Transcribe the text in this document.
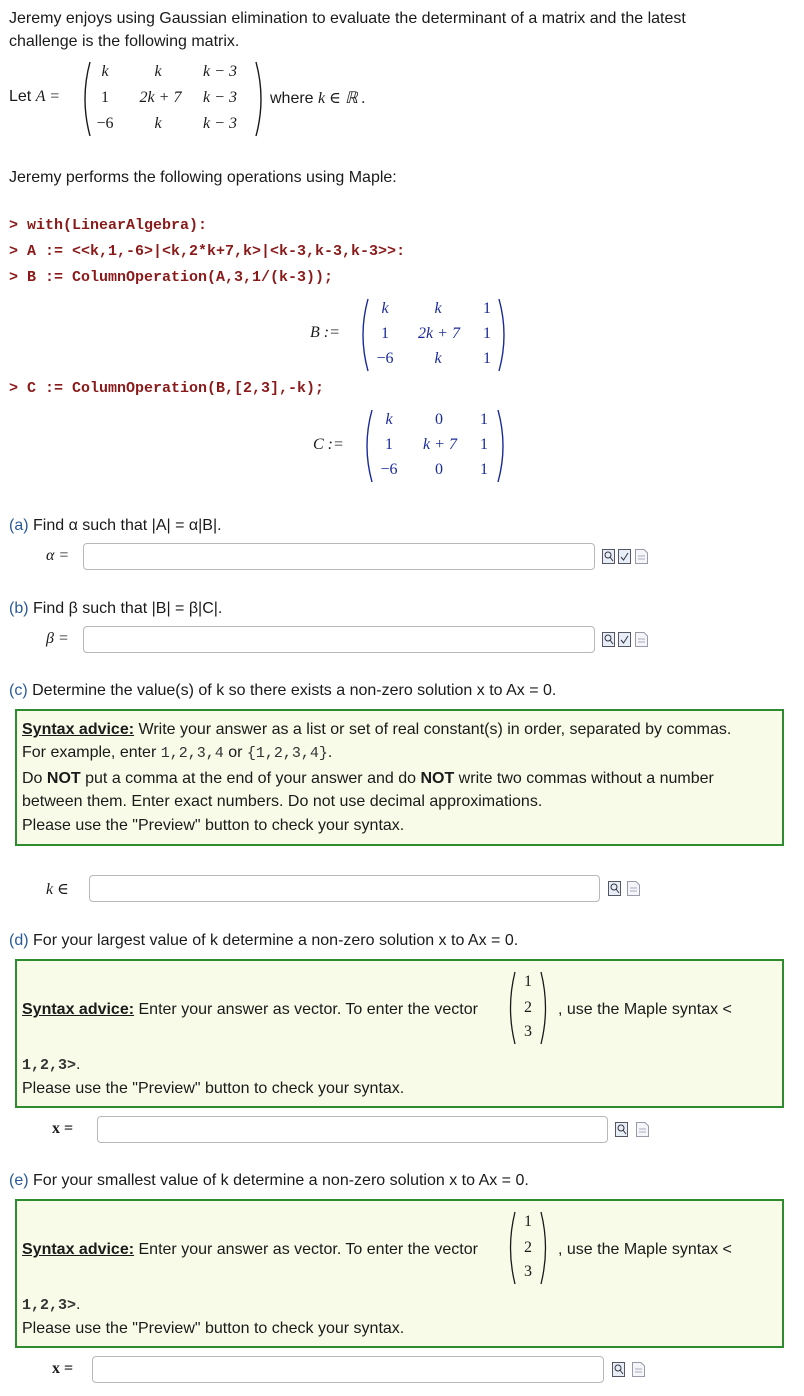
Jeremy enjoys using Gaussian elimination to evaluate the determinant of a matrix and the latest
challenge is the following matrix.
Let A =
k	k	k − 3
1	2k + 7	k − 3
−6	k	k − 3
where k ∈ ℝ .
Jeremy performs the following operations using Maple:
> with(LinearAlgebra):
> A := <<k,1,-6>|<k,2*k+7,k>|<k-3,k-3,k-3>>:
> B := ColumnOperation(A,3,1/(k-3));
B :=
k	k	1
1	2k + 7	1
−6	k	1
> C := ColumnOperation(B,[2,3],-k);
C :=
k	0	1
1	k + 7	1
−6	0	1
(a) Find α such that |A| = α|B|.
α =
(b) Find β such that |B| = β|C|.
β =
(c) Determine the value(s) of k so there exists a non-zero solution x to Ax = 0.
Syntax advice: Write your answer as a list or set of real constant(s) in order, separated by commas.
For example, enter 1,2,3,4 or {1,2,3,4}.
Do NOT put a comma at the end of your answer and do NOT write two commas without a number
between them. Enter exact numbers. Do not use decimal approximations.
Please use the "Preview" button to check your syntax.
k ∈
(d) For your largest value of k determine a non-zero solution x to Ax = 0.
Syntax advice: Enter your answer as vector. To enter the vector
1
2
3
, use the Maple syntax <
1,2,3>.
Please use the "Preview" button to check your syntax.
x =
(e) For your smallest value of k determine a non-zero solution x to Ax = 0.
Syntax advice: Enter your answer as vector. To enter the vector
1
2
3
, use the Maple syntax <
1,2,3>.
Please use the "Preview" button to check your syntax.
x =
